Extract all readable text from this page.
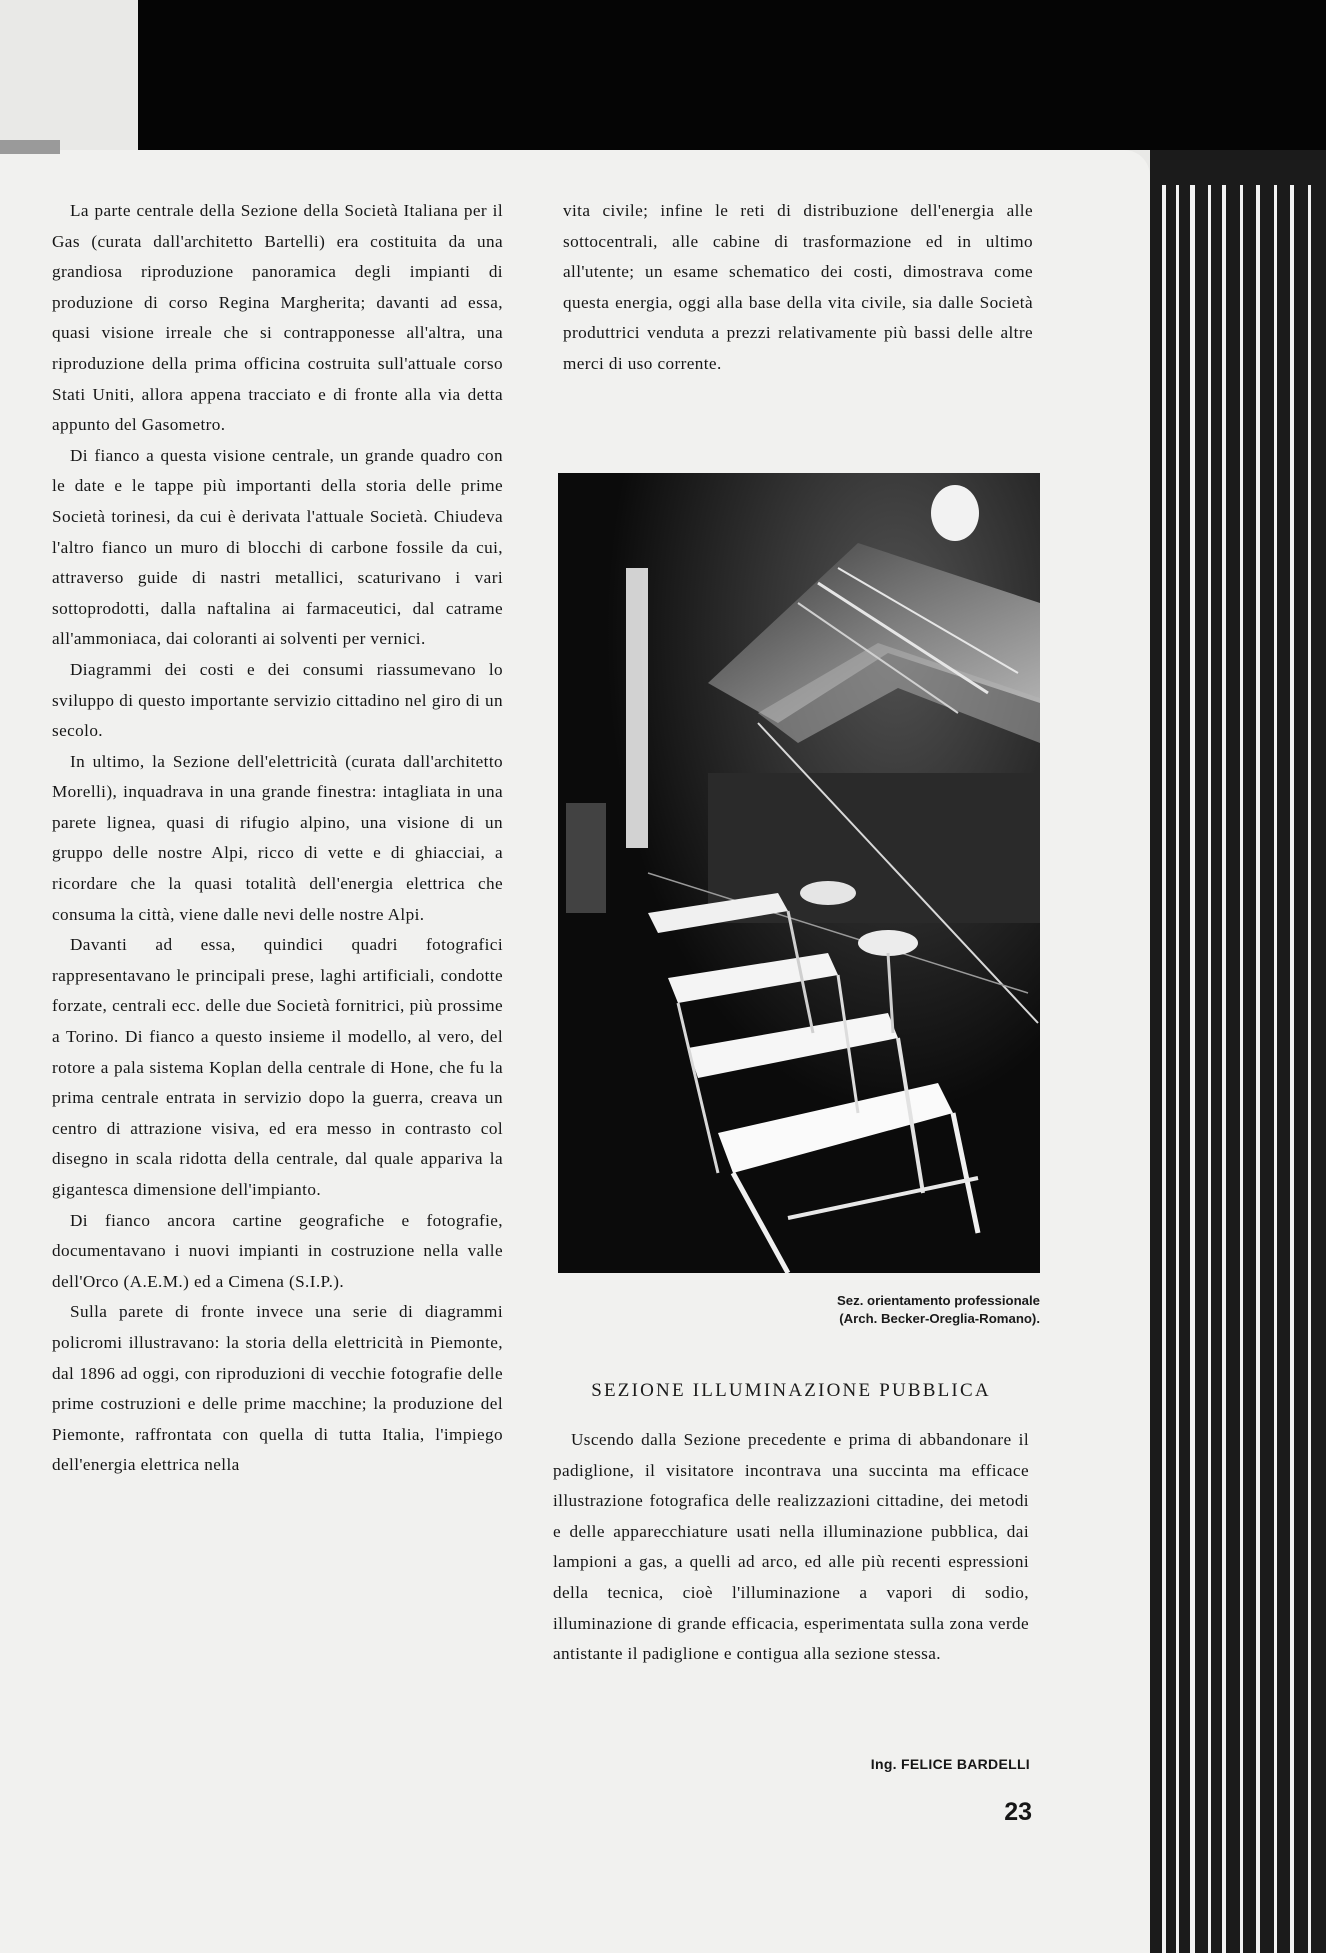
La parte centrale della Sezione della Società Italiana per il Gas (curata dall'architetto Bartelli) era costituita da una grandiosa riproduzione panoramica degli impianti di produzione di corso Regina Margherita; davanti ad essa, quasi visione irreale che si contrapponesse all'altra, una riproduzione della prima officina costruita sull'attuale corso Stati Uniti, allora appena tracciato e di fronte alla via detta appunto del Gasometro.

Di fianco a questa visione centrale, un grande quadro con le date e le tappe più importanti della storia delle prime Società torinesi, da cui è derivata l'attuale Società. Chiudeva l'altro fianco un muro di blocchi di carbone fossile da cui, attraverso guide di nastri metallici, scaturivano i vari sottoprodotti, dalla naftalina ai farmaceutici, dal catrame all'ammoniaca, dai coloranti ai solventi per vernici.

Diagrammi dei costi e dei consumi riassumevano lo sviluppo di questo importante servizio cittadino nel giro di un secolo.

In ultimo, la Sezione dell'elettricità (curata dall'architetto Morelli), inquadrava in una grande finestra: intagliata in una parete lignea, quasi di rifugio alpino, una visione di un gruppo delle nostre Alpi, ricco di vette e di ghiacciai, a ricordare che la quasi totalità dell'energia elettrica che consuma la città, viene dalle nevi delle nostre Alpi.

Davanti ad essa, quindici quadri fotografici rappresentavano le principali prese, laghi artificiali, condotte forzate, centrali ecc. delle due Società fornitrici, più prossime a Torino. Di fianco a questo insieme il modello, al vero, del rotore a pala sistema Koplan della centrale di Hone, che fu la prima centrale entrata in servizio dopo la guerra, creava un centro di attrazione visiva, ed era messo in contrasto col disegno in scala ridotta della centrale, dal quale appariva la gigantesca dimensione dell'impianto.

Di fianco ancora cartine geografiche e fotografie, documentavano i nuovi impianti in costruzione nella valle dell'Orco (A.E.M.) ed a Cimena (S.I.P.).

Sulla parete di fronte invece una serie di diagrammi policromi illustravano: la storia della elettricità in Piemonte, dal 1896 ad oggi, con riproduzioni di vecchie fotografie delle prime costruzioni e delle prime macchine; la produzione del Piemonte, raffrontata con quella di tutta Italia, l'impiego dell'energia elettrica nella

vita civile; infine le reti di distribuzione dell'energia alle sottocentrali, alle cabine di trasformazione ed in ultimo all'utente; un esame schematico dei costi, dimostrava come questa energia, oggi alla base della vita civile, sia dalle Società produttrici venduta a prezzi relativamente più bassi delle altre merci di uso corrente.

Sez. orientamento professionale
(Arch. Becker-Oreglia-Romano).
SEZIONE ILLUMINAZIONE PUBBLICA

Uscendo dalla Sezione precedente e prima di abbandonare il padiglione, il visitatore incontrava una succinta ma efficace illustrazione fotografica delle realizzazioni cittadine, dei metodi e delle apparecchiature usati nella illuminazione pubblica, dai lampioni a gas, a quelli ad arco, ed alle più recenti espressioni della tecnica, cioè l'illuminazione a vapori di sodio, illuminazione di grande efficacia, esperimentata sulla zona verde antistante il padiglione e contigua alla sezione stessa.

Ing. FELICE BARDELLI
23
